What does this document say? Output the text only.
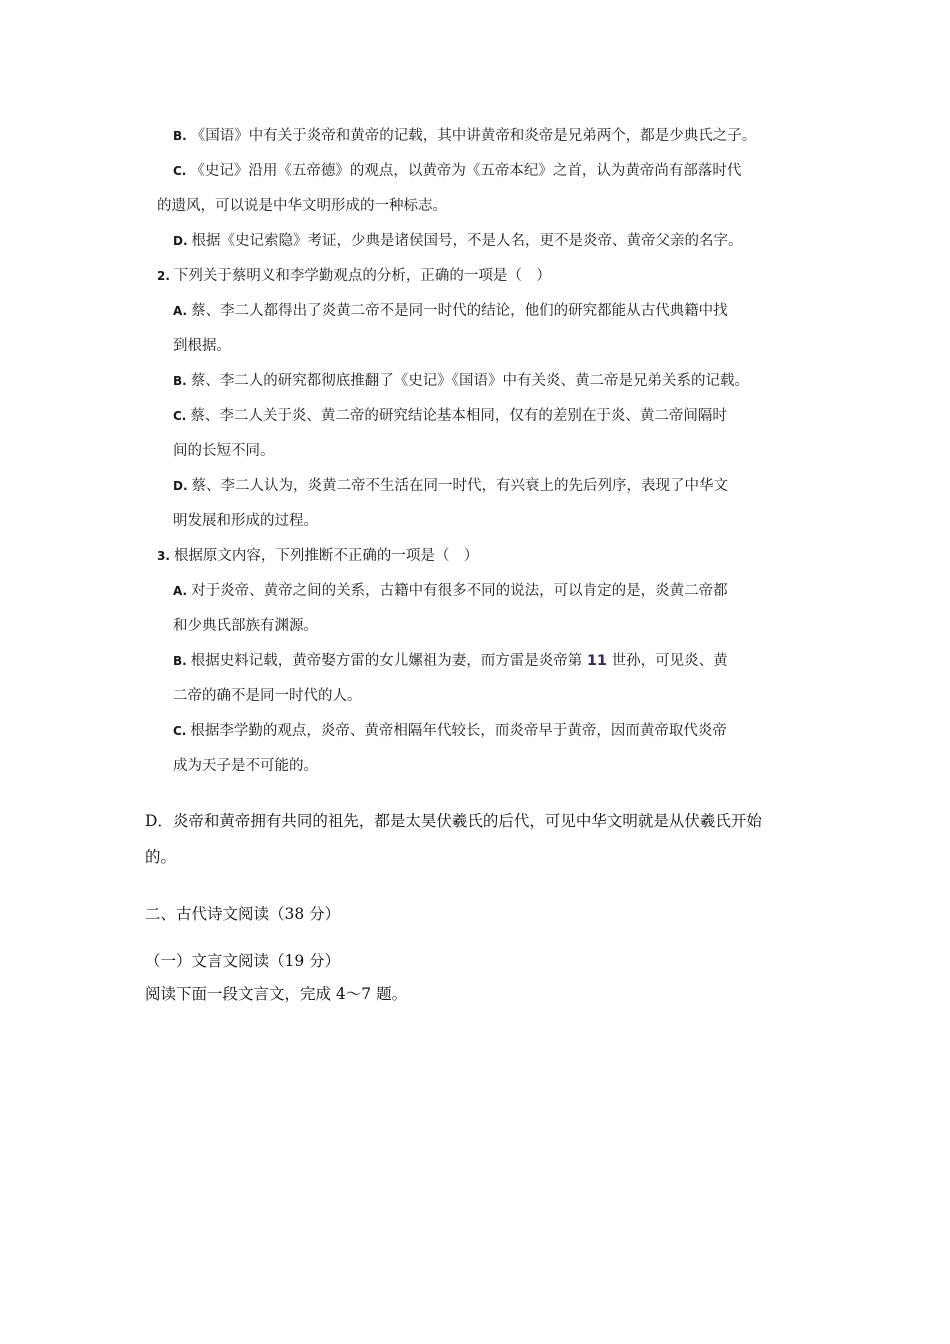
B. 《国语》中有关于炎帝和黄帝的记载，其中讲黄帝和炎帝是兄弟两个，都是少典氏之子。
C. 《史记》沿用《五帝德》的观点，以黄帝为《五帝本纪》之首，认为黄帝尚有部落时代
的遗风，可以说是中华文明形成的一种标志。
D. 根据《史记索隐》考证，少典是诸侯国号，不是人名，更不是炎帝、黄帝父亲的名字。
2. 下列关于蔡明义和李学勤观点的分析，正确的一项是（　）
A. 蔡、李二人都得出了炎黄二帝不是同一时代的结论，他们的研究都能从古代典籍中找
到根据。
B. 蔡、李二人的研究都彻底推翻了《史记》《国语》中有关炎、黄二帝是兄弟关系的记载。
C. 蔡、李二人关于炎、黄二帝的研究结论基本相同，仅有的差别在于炎、黄二帝间隔时
间的长短不同。
D. 蔡、李二人认为，炎黄二帝不生活在同一时代，有兴衰上的先后列序，表现了中华文
明发展和形成的过程。
3. 根据原文内容，下列推断不正确的一项是（　）
A. 对于炎帝、黄帝之间的关系，古籍中有很多不同的说法，可以肯定的是，炎黄二帝都
和少典氏部族有渊源。
B. 根据史料记载，黄帝娶方雷的女儿嫘祖为妻，而方雷是炎帝第 11 世孙，可见炎、黄
二帝的确不是同一时代的人。
C. 根据李学勤的观点，炎帝、黄帝相隔年代较长，而炎帝早于黄帝，因而黄帝取代炎帝
成为天子是不可能的。
D．炎帝和黄帝拥有共同的祖先，都是太昊伏羲氏的后代，可见中华文明就是从伏羲氏开始
的。
二、古代诗文阅读（38 分）
（一）文言文阅读（19 分）
阅读下面一段文言文，完成 4～7 题。
